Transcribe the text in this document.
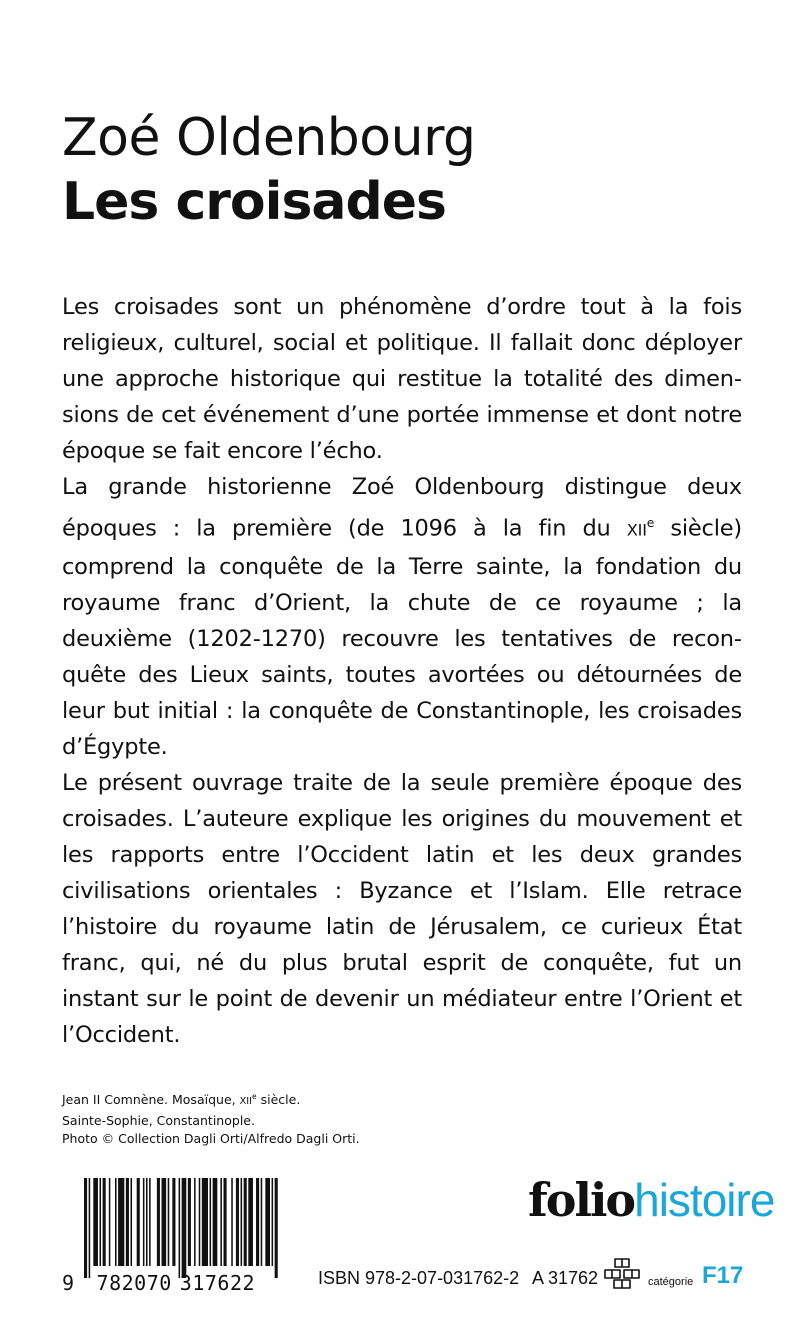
Zoé Oldenbourg
Les croisades

Les croisades sont un phénomène d’ordre tout à la fois religieux, culturel, social et politique. Il fallait donc déployer une approche historique qui restitue la totalité des dimensions de cet événement d’une portée immense et dont notre époque se fait encore l’écho.

La grande historienne Zoé Oldenbourg distingue deux époques : la première (de 1096 à la fin du XIIe siècle) comprend la conquête de la Terre sainte, la fondation du royaume franc d’Orient, la chute de ce royaume ; la deuxième (1202-1270) recouvre les tentatives de reconquête des Lieux saints, toutes avortées ou détournées de leur but initial : la conquête de Constantinople, les croisades d’Égypte.

Le présent ouvrage traite de la seule première époque des croisades. L’auteure explique les origines du mouvement et les rapports entre l’Occident latin et les deux grandes civilisations orientales : Byzance et l’Islam. Elle retrace l’histoire du royaume latin de Jérusalem, ce curieux État franc, qui, né du plus brutal esprit de conquête, fut un instant sur le point de devenir un médiateur entre l’Orient et l’Occident.

Jean II Comnène. Mosaïque, XIIe siècle.
Sainte-Sophie, Constantinople.
Photo © Collection Dagli Orti/Alfredo Dagli Orti.
9 782070 317622	ISBN 978-2-07-031762-2 A 31762
foliohistoire
catégorie F17
